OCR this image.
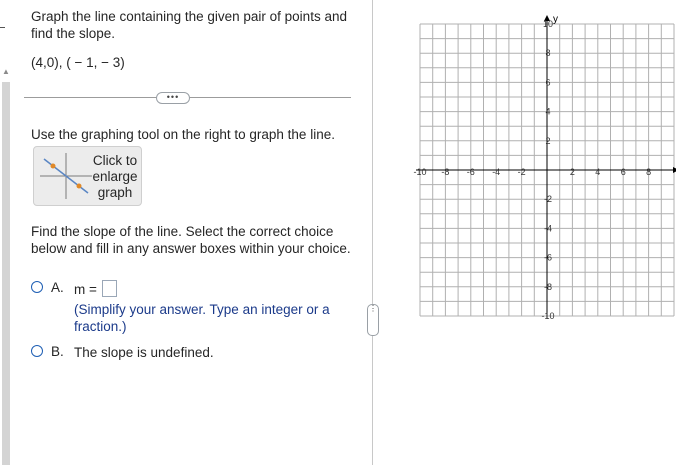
▲
Graph the line containing the given pair of points and find the slope.
(4,0), ( − 1, − 3)
•••
Use the graphing tool on the right to graph the line.
Click to
enlarge
graph
Find the slope of the line. Select the correct choice below and fill in any answer boxes within your choice.
A. m =
(Simplify your answer. Type an integer or a fraction.)
B. The slope is undefined.
⋮
y
-10 -8 -6 -4 -2	2 4 6 8
10
8
6
4
2
-2
-4
-6
-8
-10
